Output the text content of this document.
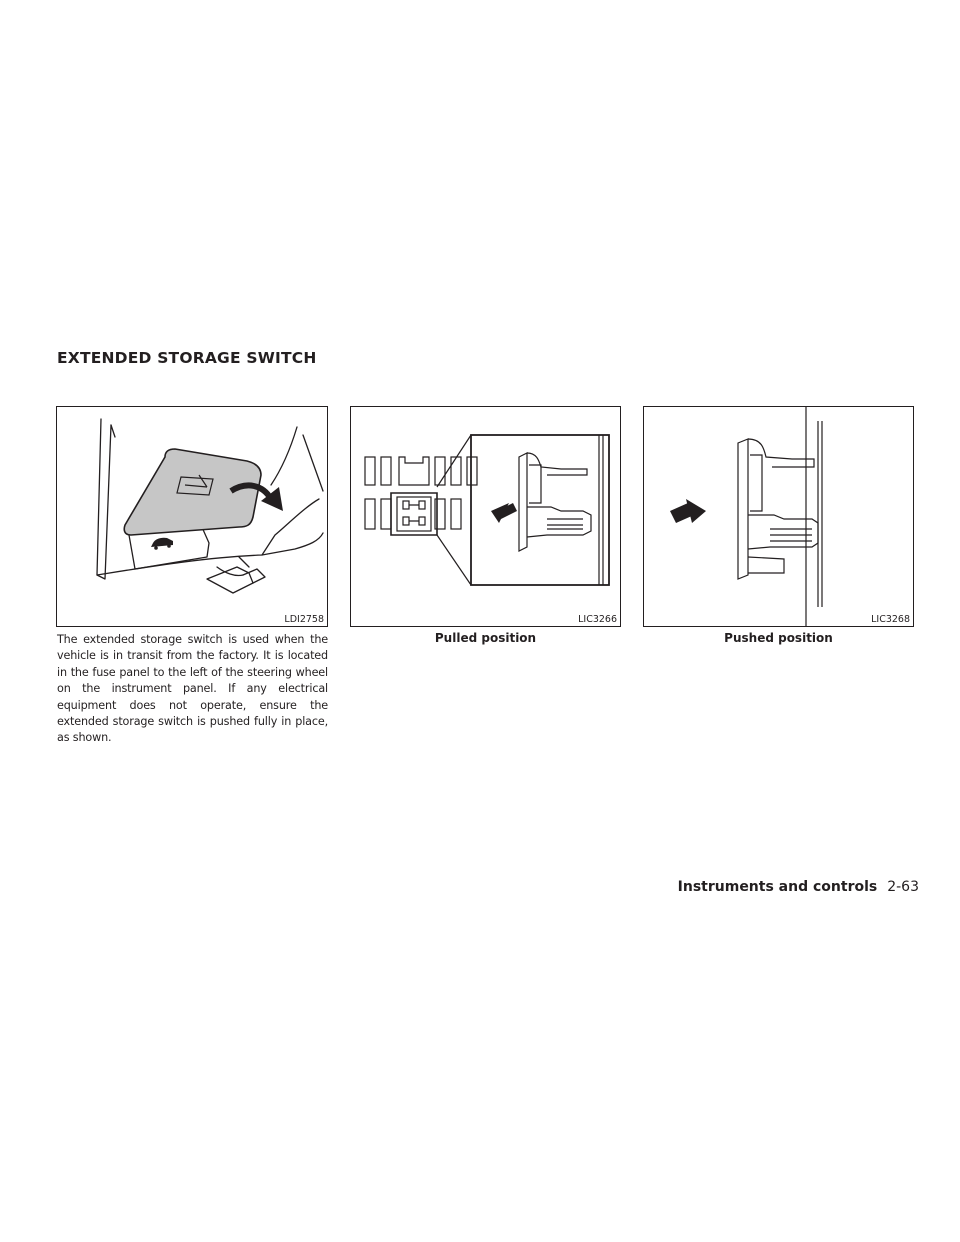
EXTENDED STORAGE SWITCH
LDI2758	LIC3266	LIC3268
Pulled position	Pushed position

The extended storage switch is used when the vehicle is in transit from the factory. It is located in the fuse panel to the left of the steering wheel on the instrument panel. If any electrical equipment does not operate, ensure the extended storage switch is pushed fully in place, as shown.

Instruments and controls 2-63
